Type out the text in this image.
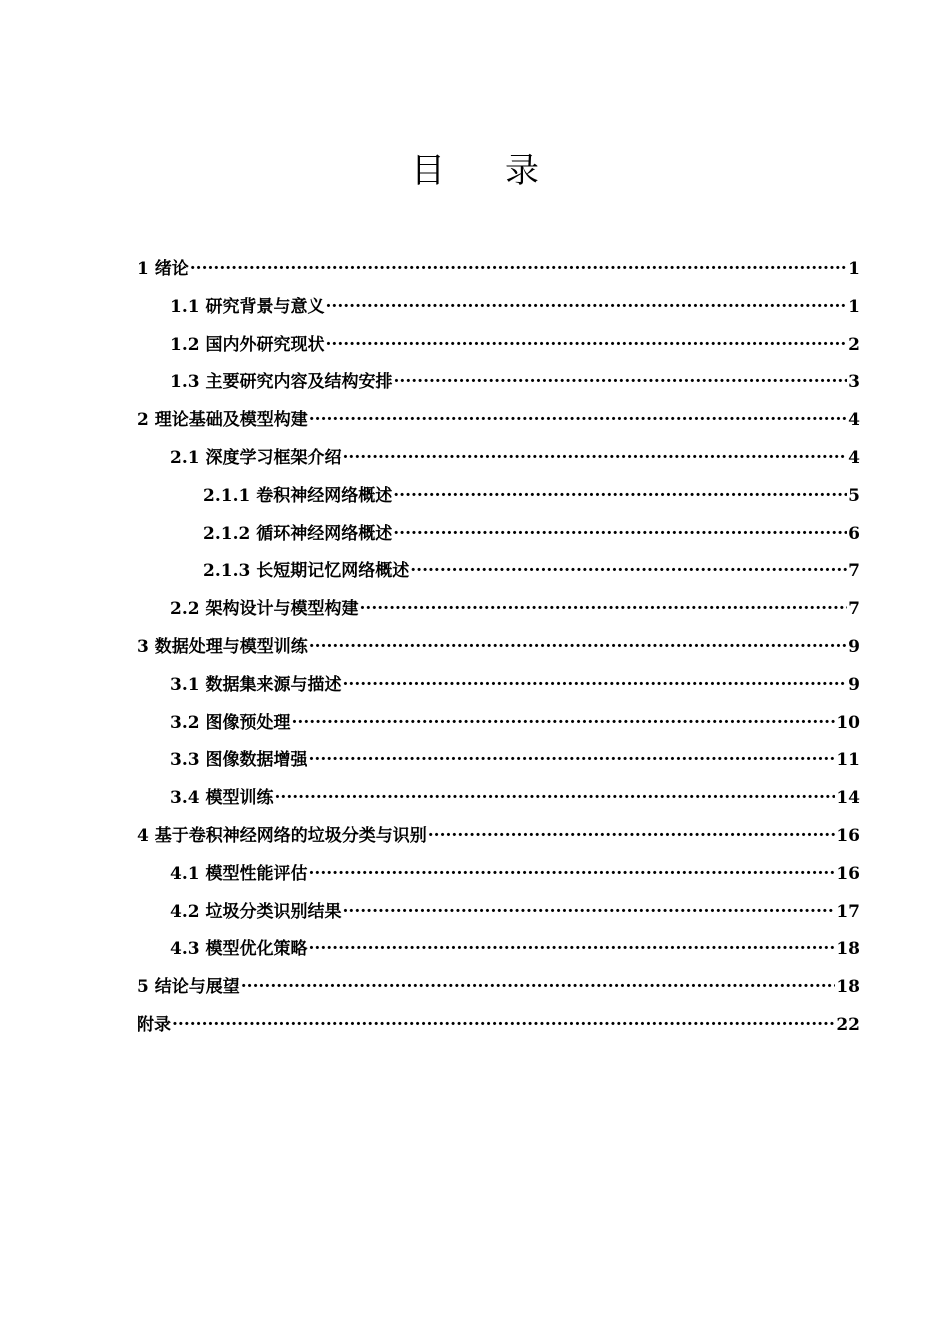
目 录
1 绪论 .....	1
1.1 研究背景与意义 .....	1
1.2 国内外研究现状 .....	2
1.3 主要研究内容及结构安排 .....	3
2 理论基础及模型构建 .....	4
2.1 深度学习框架介绍 .....	4
2.1.1 卷积神经网络概述 .....	5
2.1.2 循环神经网络概述 .....	6
2.1.3 长短期记忆网络概述 .....	7
2.2 架构设计与模型构建 .....	7
3 数据处理与模型训练 .....	9
3.1 数据集来源与描述 .....	9
3.2 图像预处理 .....	10
3.3 图像数据增强 .....	11
3.4 模型训练 .....	14
4 基于卷积神经网络的垃圾分类与识别 .....	16
4.1 模型性能评估 .....	16
4.2 垃圾分类识别结果 .....	17
4.3 模型优化策略 .....	18
5 结论与展望 .....	18
附录 .....	22
